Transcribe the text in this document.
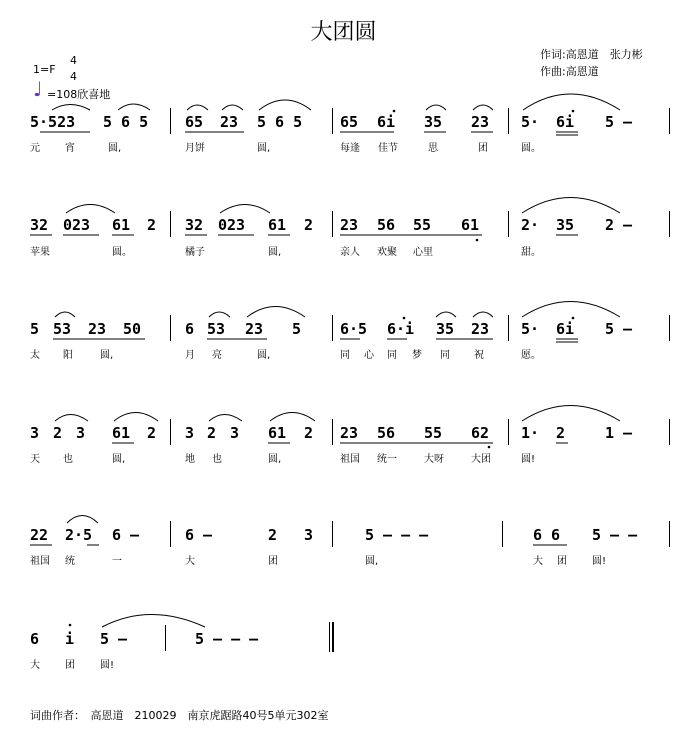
大团圆
作词:高恩道　张力彬
作曲:高恩道
1=F
4
4
♩ =108欣喜地
5·523 5 6 5 65 23 5 6 5	65 6i 35 23 5· 6i 5 –
元	宵	圆,	月饼	圆,	每逢 佳节	思	团	圆。
32 023 61 2 32 023 61 2 23 56 55 61	2· 35 2 –
苹果	圆。	橘子	圆,	亲人 欢聚 心里	甜。
5 53 23 50	6 53 23 5	6·5 6·i 35 23 5· 6i 5 –
太 阳	圆,	月 亮	圆,	同 心 同 梦 同 祝	愿。
3 2 3 61 2 3 2 3 61 2 23 56 55 62 1· 2	1 –
天 也	圆,	地 也	圆,	祖国 统一	大呀	大团	圆!
22 2·5 6 –	6 –	2 3	5 – – –	6 6 5 – –
祖国 统	一	大	团	圆,	大 团	圆!
6 i 5 –	5 – – –
大	团	圆!
词曲作者：　高恩道　210029　南京虎踞路40号5单元302室
